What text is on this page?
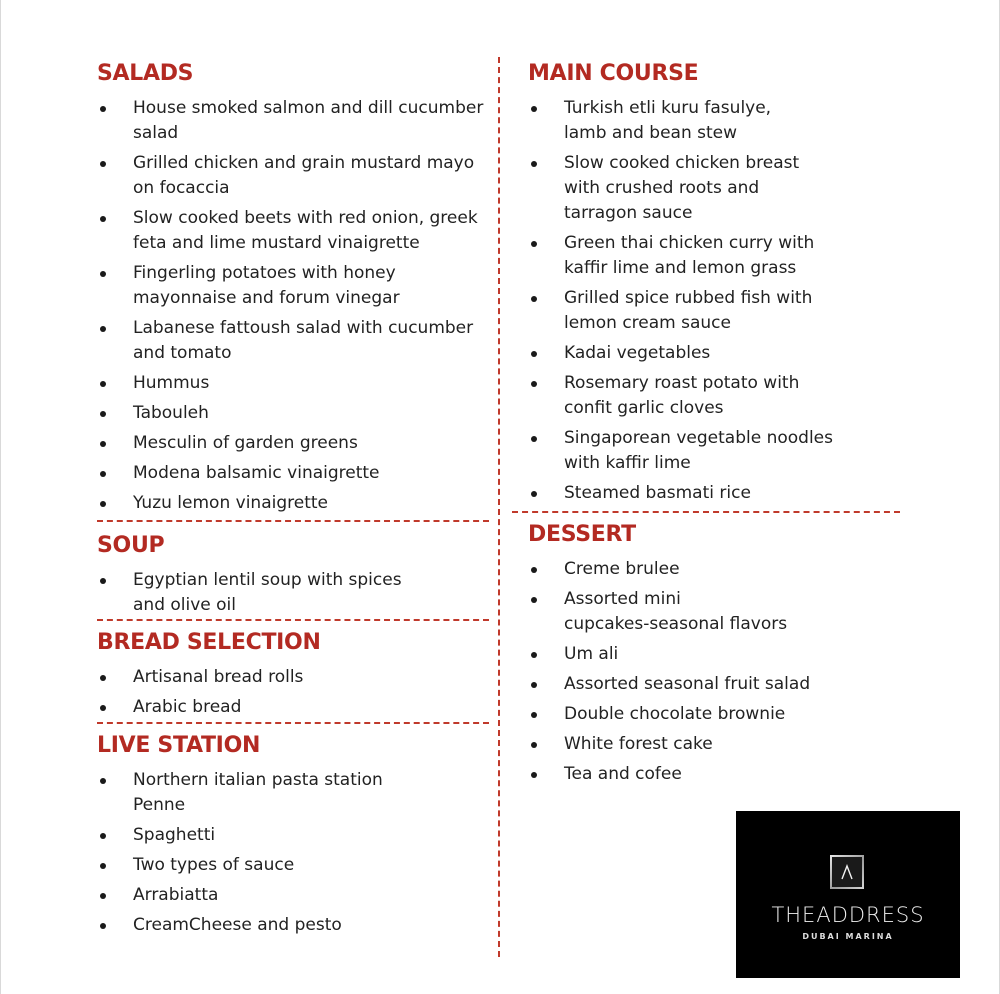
SALADS
House smoked salmon and dill cucumber
salad
Grilled chicken and grain mustard mayo
on focaccia
Slow cooked beets with red onion, greek
feta and lime mustard vinaigrette
Fingerling potatoes with honey
mayonnaise and forum vinegar
Labanese fattoush salad with cucumber
and tomato
Hummus
Tabouleh
Mesculin of garden greens
Modena balsamic vinaigrette
Yuzu lemon vinaigrette
SOUP
Egyptian lentil soup with spices
and olive oil
BREAD SELECTION
Artisanal bread rolls
Arabic bread
LIVE STATION
Northern italian pasta station
Penne
Spaghetti
Two types of sauce
Arrabiatta
CreamCheese and pesto
MAIN COURSE
Turkish etli kuru fasulye,
lamb and bean stew
Slow cooked chicken breast
with crushed roots and
tarragon sauce
Green thai chicken curry with
kaffir lime and lemon grass
Grilled spice rubbed fish with
lemon cream sauce
Kadai vegetables
Rosemary roast potato with
confit garlic cloves
Singaporean vegetable noodles
with kaffir lime
Steamed basmati rice
DESSERT
Creme brulee
Assorted mini
cupcakes-seasonal flavors
Um ali
Assorted seasonal fruit salad
Double chocolate brownie
White forest cake
Tea and cofee
THEADDRESS
DUBAI MARINA
